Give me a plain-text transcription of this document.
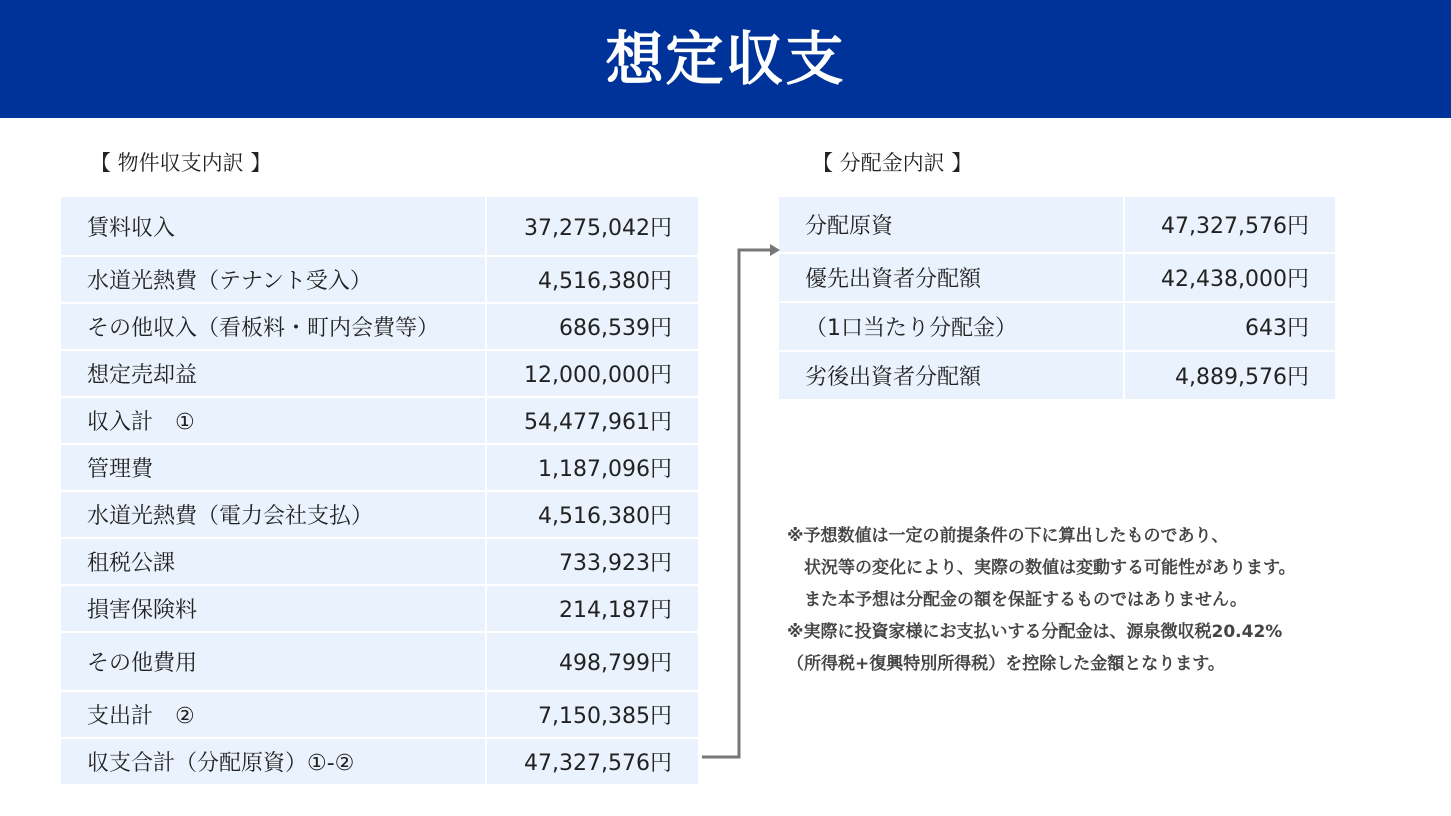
想定収支
【 物件収支内訳 】	【 分配金内訳 】
賃料収入	37,275,042円
水道光熱費（テナント受入）	4,516,380円
その他収入（看板料・町内会費等）	686,539円
想定売却益	12,000,000円
収入計　①	54,477,961円
管理費	1,187,096円
水道光熱費（電力会社支払）	4,516,380円
租税公課	733,923円
損害保険料	214,187円
その他費用	498,799円
支出計　②	7,150,385円
収支合計（分配原資）①-②	47,327,576円
分配原資	47,327,576円
優先出資者分配額	42,438,000円
（1口当たり分配金）	643円
劣後出資者分配額	4,889,576円
※予想数値は一定の前提条件の下に算出したものであり、
　状況等の変化により、実際の数値は変動する可能性があります。
　また本予想は分配金の額を保証するものではありません。
※実際に投資家様にお支払いする分配金は、源泉徴収税20.42%
（所得税+復興特別所得税）を控除した金額となります。
